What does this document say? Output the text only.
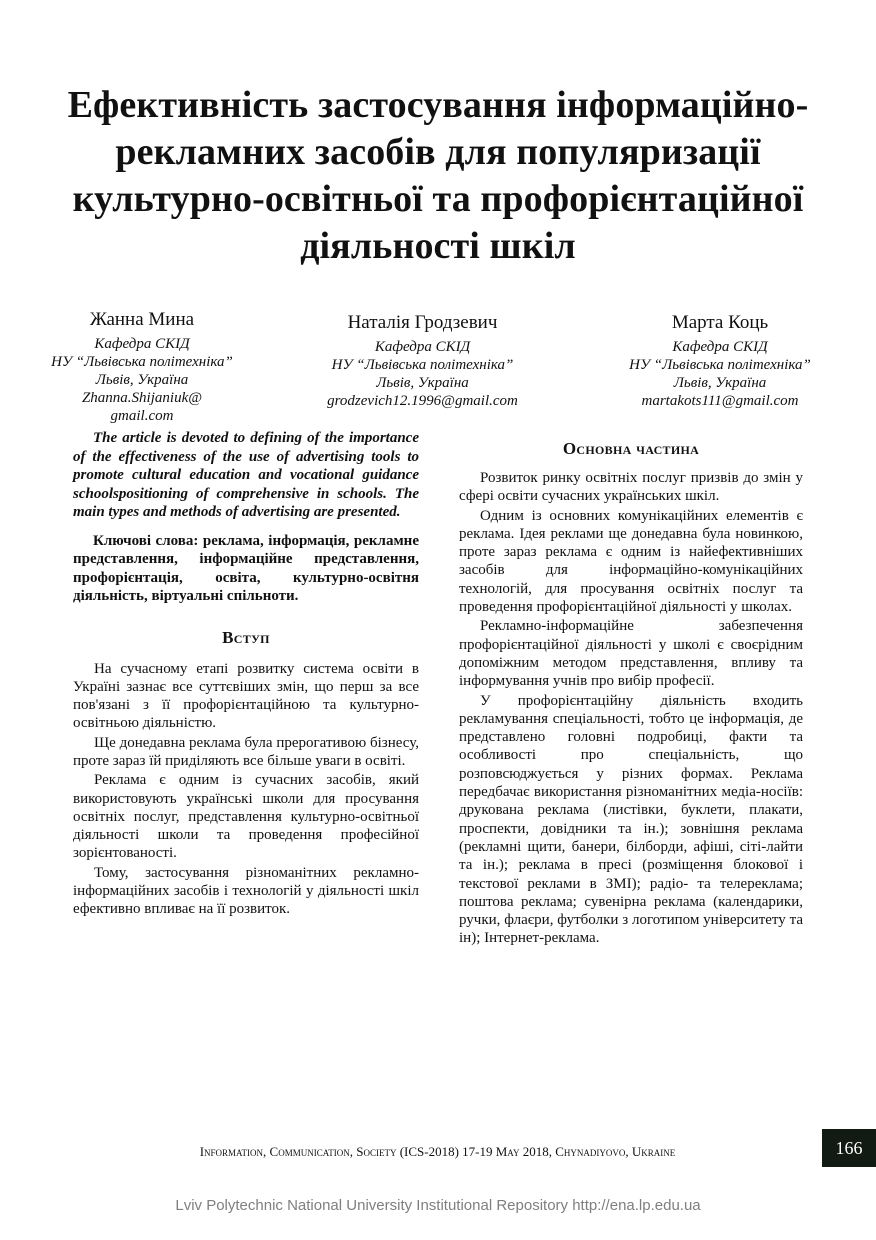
Ефективність застосування інформаційно-
рекламних засобів для популяризації
культурно-освітньої та профорієнтаційної
діяльності шкіл
Жанна Мина
Кафедра СКІД
НУ “Львівська політехніка”
Львів, Україна
Zhanna.Shijaniuk@
gmail.com
Наталія Гродзевич
Кафедра СКІД
НУ “Львівська політехніка”
Львів, Україна
grodzevich12.1996@gmail.com
Марта Коць
Кафедра СКІД
НУ “Львівська політехніка”
Львів, Україна
martakots111@gmail.com

The article is devoted to defining of the importance of the effectiveness of the use of advertising tools to promote cultural education and vocational guidance schoolspositioning of comprehensive in schools. The main types and methods of advertising are presented.

Ключові слова: реклама, інформація, рекламне представлення, інформаційне представлення, профорієнтація, освіта, культурно-освітня діяльність, віртуальні спільноти.

Вступ

На сучасному етапі розвитку система освіти в Україні зазнає все суттєвіших змін, що перш за все пов'язані з її профорієнтаційною та культурно-освітньою діяльністю.

Ще донедавна реклама була прерогативою бізнесу, проте зараз їй приділяють все більше уваги в освіті.

Реклама є одним із сучасних засобів, який використовують українські школи для просування освітніх послуг, представлення культурно-освітньої діяльності школи та проведення професійної зорієнтованості.

Тому, застосування різноманітних рекламно-інформаційних засобів і технологій у діяльності шкіл ефективно впливає на її розвиток.

Основна частина

Розвиток ринку освітніх послуг призвів до змін у сфері освіти сучасних українських шкіл.

Одним із основних комунікаційних елементів є реклама. Ідея реклами ще донедавна була новинкою, проте зараз реклама є одним із найефективніших засобів для інформаційно-комунікаційних технологій, для просування освітніх послуг та проведення профорієнтаційної діяльності у школах.

Рекламно-інформаційне забезпечення профорієнтаційної діяльності у школі є своєрідним допоміжним методом представлення, впливу та інформування учнів про вибір професії.

У профорієнтаційну діяльність входить рекламування спеціальності, тобто це інформація, де представлено головні подробиці, факти та особливості про спеціальність, що розповсюджується у різних формах. Реклама передбачає використання різноманітних медіа-носіїв: друкована реклама (листівки, буклети, плакати, проспекти, довідники та ін.); зовнішня реклама (рекламні щити, банери, білборди, афіші, сіті-лайти та ін.); реклама в пресі (розміщення блокової і текстової реклами в ЗМІ); радіо- та телереклама; поштова реклама; сувенірна реклама (календарики, ручки, флаєри, футболки з логотипом університету та ін); Інтернет-реклама.

Information, Communication, Society (ICS-2018) 17-19 May 2018, Chynadiyovo, Ukraine	166
Lviv Polytechnic National University Institutional Repository http://ena.lp.edu.ua
